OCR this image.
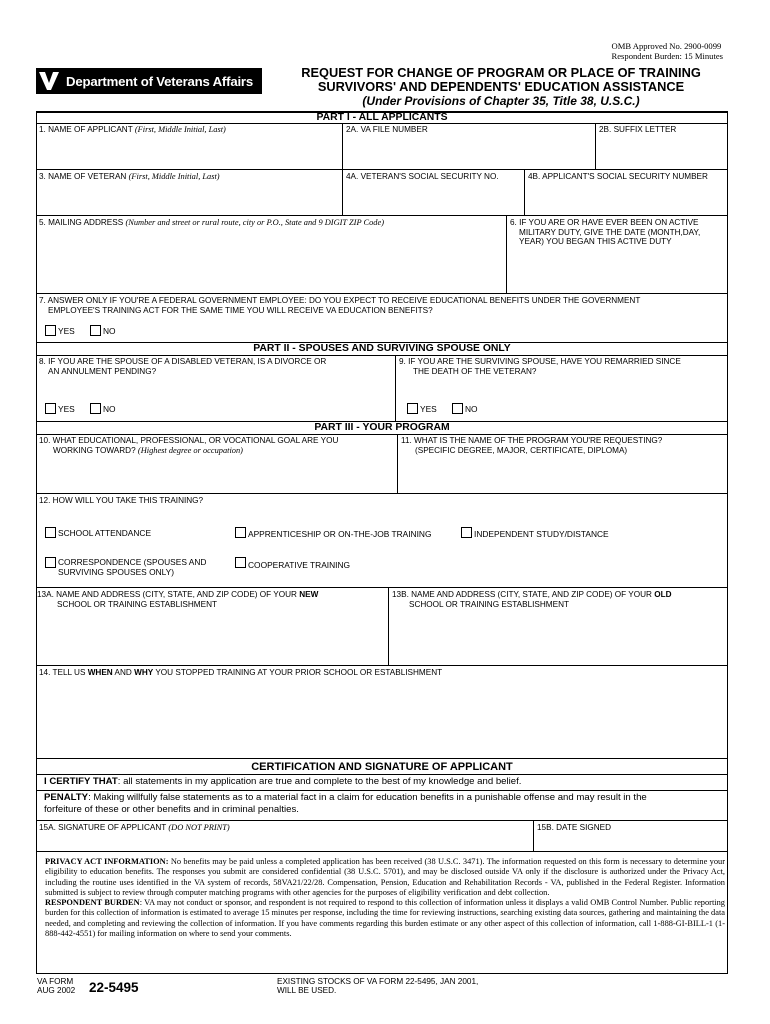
OMB Approved No. 2900-0099
Respondent Burden: 15 Minutes
Department of Veterans Affairs
REQUEST FOR CHANGE OF PROGRAM OR PLACE OF TRAINING
SURVIVORS' AND DEPENDENTS' EDUCATION ASSISTANCE
(Under Provisions of Chapter 35, Title 38, U.S.C.)
PART I - ALL APPLICANTS
1. NAME OF APPLICANT (First, Middle Initial, Last)	2A. VA FILE NUMBER	2B. SUFFIX LETTER
3. NAME OF VETERAN (First, Middle Initial, Last)	4A. VETERAN'S SOCIAL SECURITY NO.	4B. APPLICANT'S SOCIAL SECURITY NUMBER
5. MAILING ADDRESS (Number and street or rural route, city or P.O., State and 9 DIGIT ZIP Code)	6. IF YOU ARE OR HAVE EVER BEEN ON ACTIVE
MILITARY DUTY, GIVE THE DATE (MONTH,DAY,
YEAR) YOU BEGAN THIS ACTIVE DUTY
7. ANSWER ONLY IF YOU'RE A FEDERAL GOVERNMENT EMPLOYEE: DO YOU EXPECT TO RECEIVE EDUCATIONAL BENEFITS UNDER THE GOVERNMENT
EMPLOYEE'S TRAINING ACT FOR THE SAME TIME YOU WILL RECEIVE VA EDUCATION BENEFITS?
YES	NO
PART II - SPOUSES AND SURVIVING SPOUSE ONLY
8. IF YOU ARE THE SPOUSE OF A DISABLED VETERAN, IS A DIVORCE OR
AN ANNULMENT PENDING?
9. IF YOU ARE THE SURVIVING SPOUSE, HAVE YOU REMARRIED SINCE
THE DEATH OF THE VETERAN?
YES	NO	YES	NO
PART III - YOUR PROGRAM
10. WHAT EDUCATIONAL, PROFESSIONAL, OR VOCATIONAL GOAL ARE YOU
WORKING TOWARD? (Highest degree or occupation)
11. WHAT IS THE NAME OF THE PROGRAM YOU'RE REQUESTING?
(SPECIFIC DEGREE, MAJOR, CERTIFICATE, DIPLOMA)
12. HOW WILL YOU TAKE THIS TRAINING?
SCHOOL ATTENDANCE	APPRENTICESHIP OR ON-THE-JOB TRAINING	INDEPENDENT STUDY/DISTANCE
CORRESPONDENCE (SPOUSES AND
SURVIVING SPOUSES ONLY)
COOPERATIVE TRAINING
13A. NAME AND ADDRESS (CITY, STATE, AND ZIP CODE) OF YOUR NEW
SCHOOL OR TRAINING ESTABLISHMENT
13B. NAME AND ADDRESS (CITY, STATE, AND ZIP CODE) OF YOUR OLD
SCHOOL OR TRAINING ESTABLISHMENT
14. TELL US WHEN AND WHY YOU STOPPED TRAINING AT YOUR PRIOR SCHOOL OR ESTABLISHMENT
CERTIFICATION AND SIGNATURE OF APPLICANT
I CERTIFY THAT: all statements in my application are true and complete to the best of my knowledge and belief.
PENALTY: Making willfully false statements as to a material fact in a claim for education benefits in a punishable offense and may result in the
forfeiture of these or other benefits and in criminal penalties.
15A. SIGNATURE OF APPLICANT (DO NOT PRINT)	15B. DATE SIGNED
PRIVACY ACT INFORMATION: No benefits may be paid unless a completed application has been received (38 U.S.C. 3471). The information requested on this form is necessary to determine your eligibility to education benefits. The responses you submit are considered confidential (38 U.S.C. 5701), and may be disclosed outside VA only if the disclosure is authorized under the Privacy Act, including the routine uses identified in the VA system of records, 58VA21/22/28. Compensation, Pension, Education and Rehabilitation Records - VA, published in the Federal Register. Information submitted is subject to review through computer matching programs with other agencies for the purposes of eligibility verification and debt collection.
RESPONDENT BURDEN: VA may not conduct or sponsor, and respondent is not required to respond to this collection of information unless it displays a valid OMB Control Number. Public reporting burden for this collection of information is estimated to average 15 minutes per response, including the time for reviewing instructions, searching existing data sources, gathering and maintaining the data needed, and completing and reviewing the collection of information. If you have comments regarding this burden estimate or any other aspect of this collection of information, call 1-888-GI-BILL-1 (1-888-442-4551) for mailing information on where to send your comments.
VA FORM
AUG 2002 22-5495	EXISTING STOCKS OF VA FORM 22-5495, JAN 2001,
WILL BE USED.
